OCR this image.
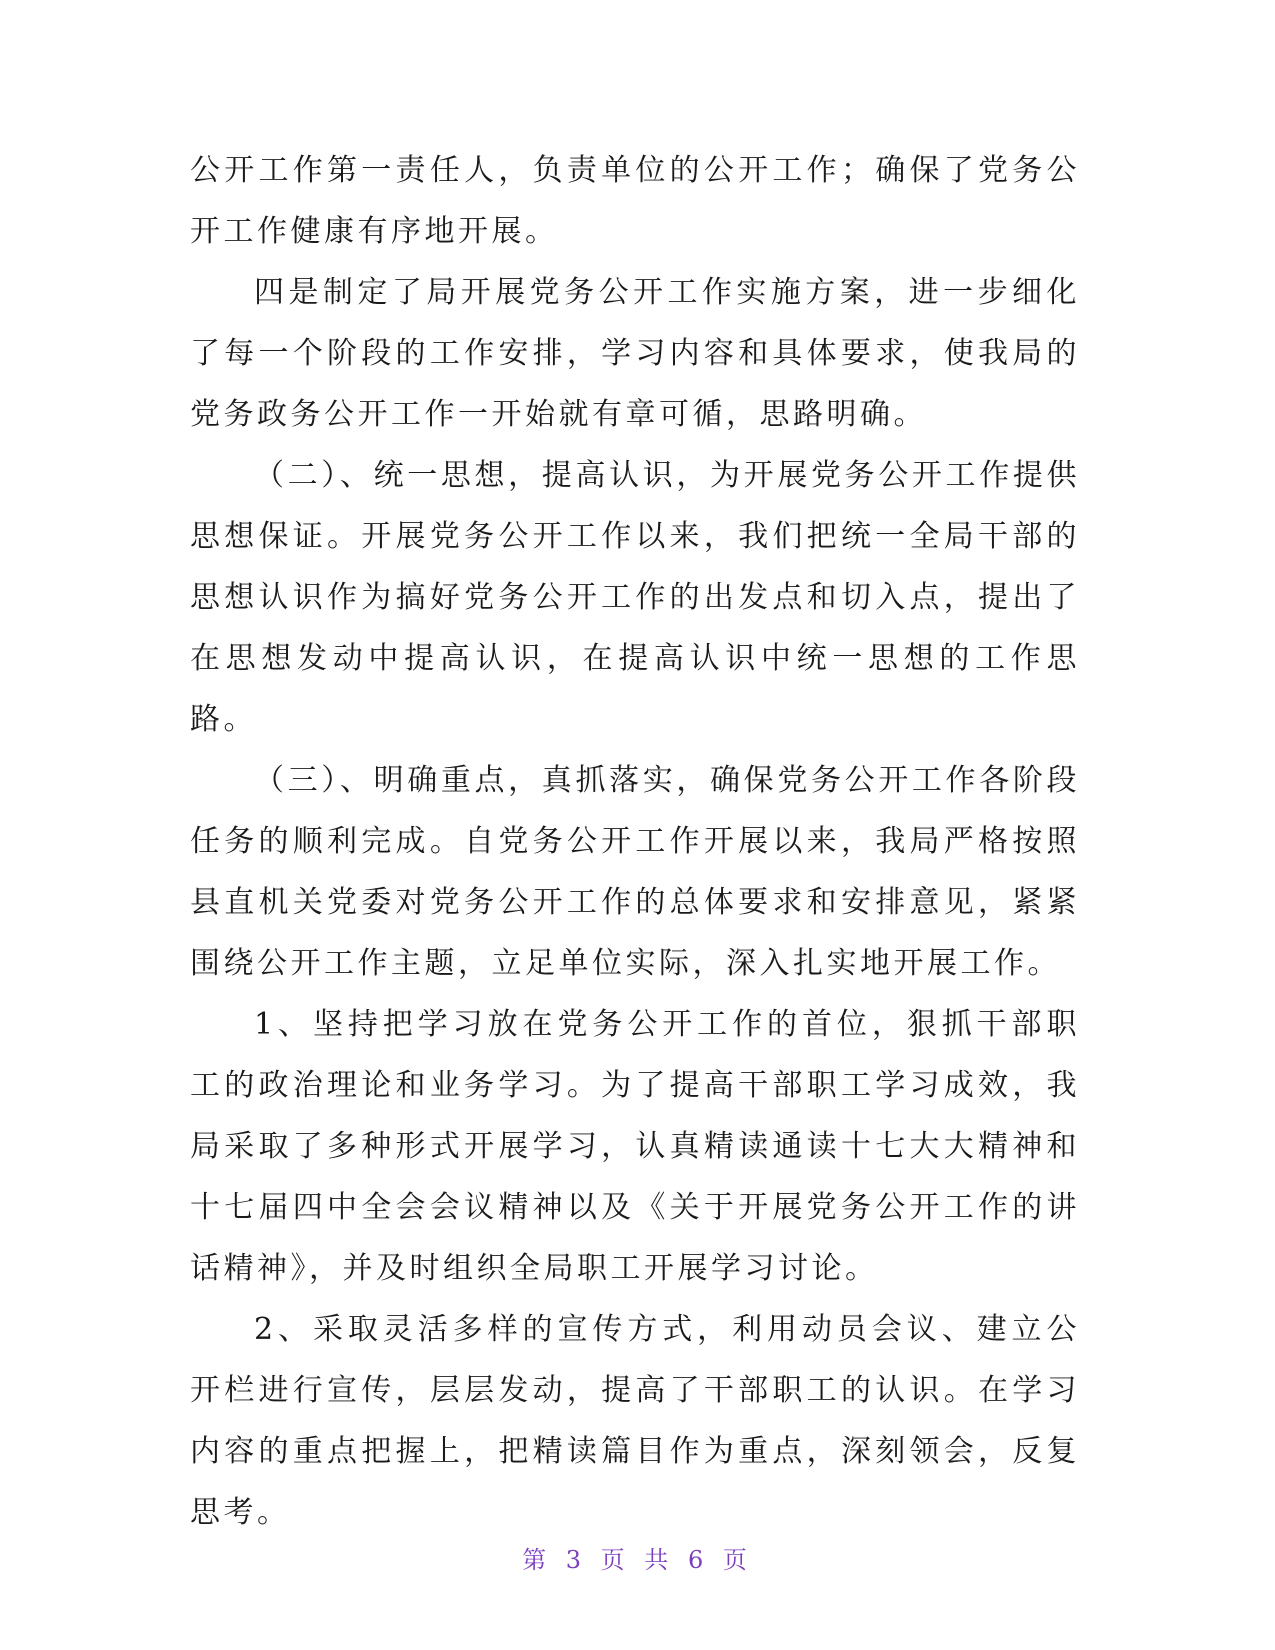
公开工作第一责任人，负责单位的公开工作；确保了党务公开工作健康有序地开展。

四是制定了局开展党务公开工作实施方案，进一步细化了每一个阶段的工作安排，学习内容和具体要求，使我局的党务政务公开工作一开始就有章可循，思路明确。

（二）、统一思想，提高认识，为开展党务公开工作提供思想保证。开展党务公开工作以来，我们把统一全局干部的思想认识作为搞好党务公开工作的出发点和切入点，提出了在思想发动中提高认识，在提高认识中统一思想的工作思路。

（三）、明确重点，真抓落实，确保党务公开工作各阶段任务的顺利完成。自党务公开工作开展以来，我局严格按照县直机关党委对党务公开工作的总体要求和安排意见，紧紧围绕公开工作主题，立足单位实际，深入扎实地开展工作。

1、坚持把学习放在党务公开工作的首位，狠抓干部职工的政治理论和业务学习。为了提高干部职工学习成效，我局采取了多种形式开展学习，认真精读通读十七大大精神和十七届四中全会会议精神以及《关于开展党务公开工作的讲话精神》，并及时组织全局职工开展学习讨论。

2、采取灵活多样的宣传方式，利用动员会议、建立公开栏进行宣传，层层发动，提高了干部职工的认识。在学习内容的重点把握上，把精读篇目作为重点，深刻领会，反复思考。

第 3 页 共 6 页
